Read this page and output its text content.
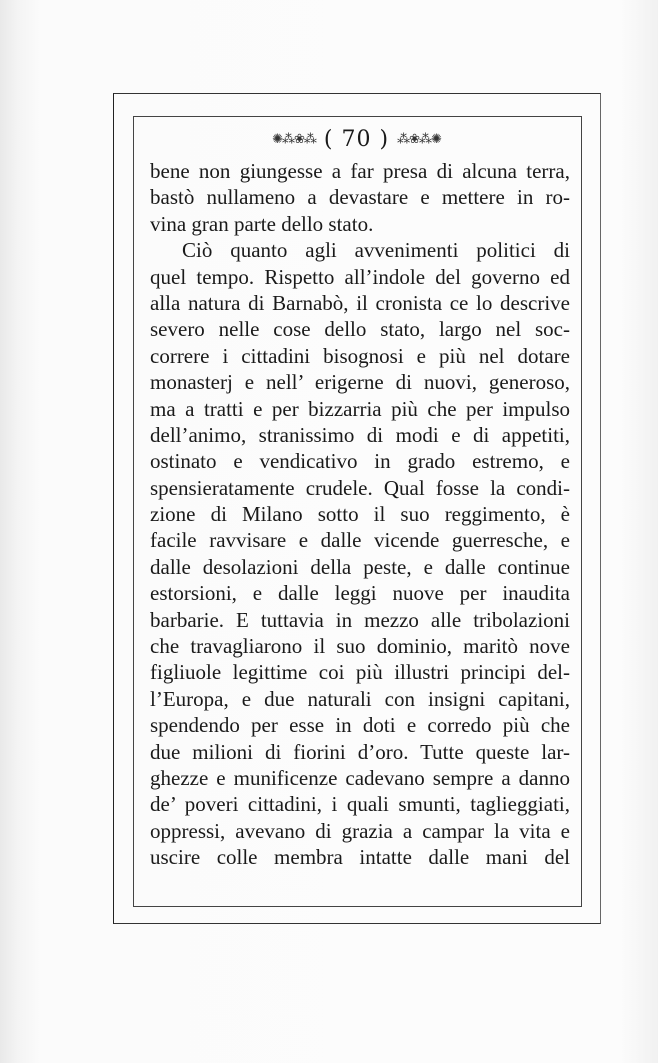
✺⁂❀⁂ ( 70 ) ⁂❀⁂✺
bene non giungesse a far presa di alcuna terra,
bastò nullameno a devastare e mettere in ro-
vina gran parte dello stato.
Ciò quanto agli avvenimenti politici di
quel tempo. Rispetto all’indole del governo ed
alla natura di Barnabò, il cronista ce lo descrive
severo nelle cose dello stato, largo nel soc-
correre i cittadini bisognosi e più nel dotare
monasterj e nell’ erigerne di nuovi, generoso,
ma a tratti e per bizzarria più che per impulso
dell’animo, stranissimo di modi e di appetiti,
ostinato e vendicativo in grado estremo, e
spensieratamente crudele. Qual fosse la condi-
zione di Milano sotto il suo reggimento, è
facile ravvisare e dalle vicende guerresche, e
dalle desolazioni della peste, e dalle continue
estorsioni, e dalle leggi nuove per inaudita
barbarie. E tuttavia in mezzo alle tribolazioni
che travagliarono il suo dominio, maritò nove
figliuole legittime coi più illustri principi del-
l’Europa, e due naturali con insigni capitani,
spendendo per esse in doti e corredo più che
due milioni di fiorini d’oro. Tutte queste lar-
ghezze e munificenze cadevano sempre a danno
de’ poveri cittadini, i quali smunti, taglieggiati,
oppressi, avevano di grazia a campar la vita e
uscire colle membra intatte dalle mani del
